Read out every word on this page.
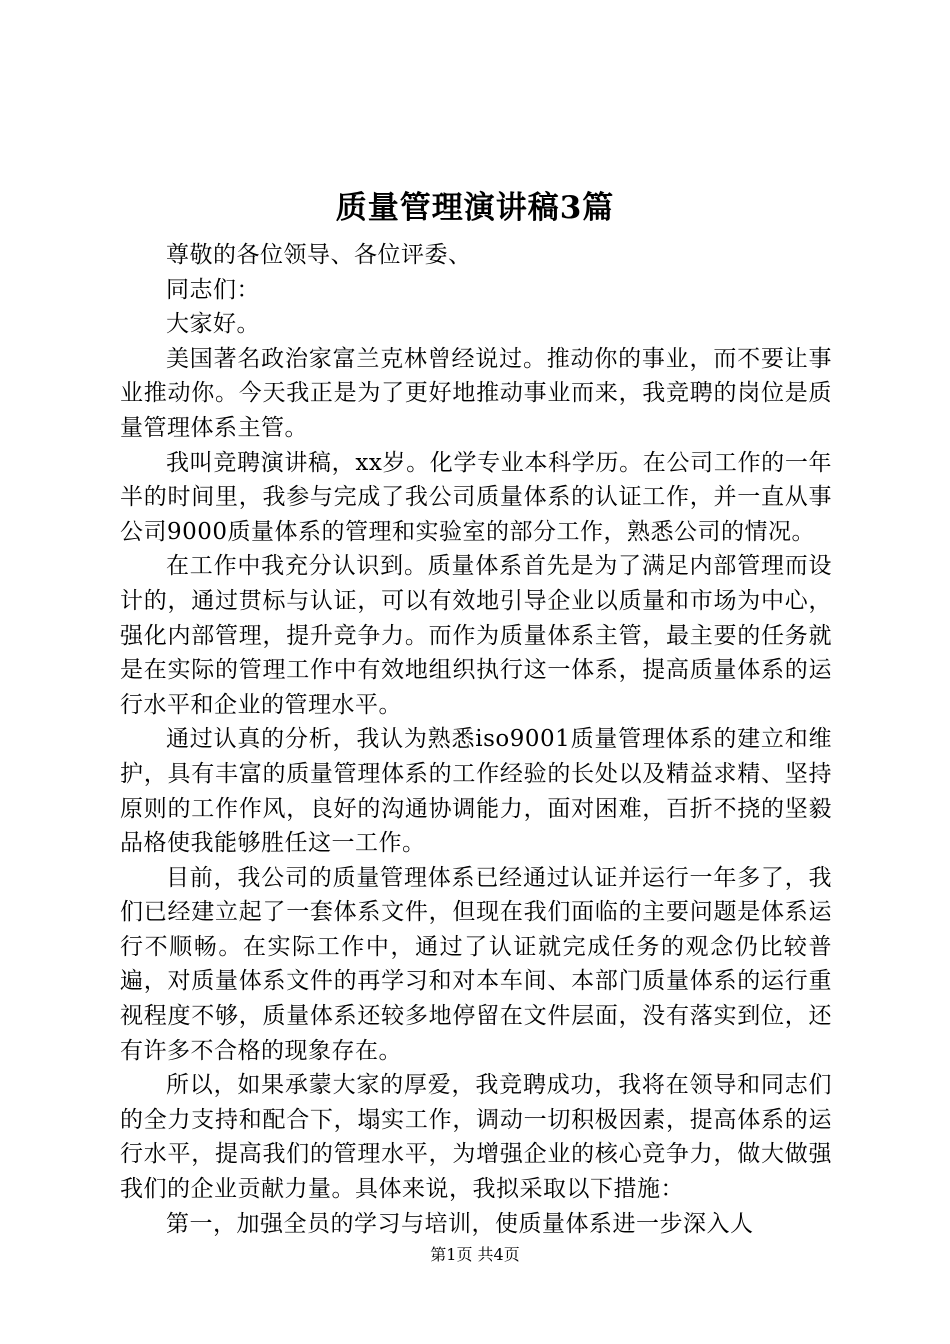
质量管理演讲稿3篇

尊敬的各位领导、各位评委、

同志们：

大家好。

美国著名政治家富兰克林曾经说过。推动你的事业，而不要让事业推动你。今天我正是为了更好地推动事业而来，我竞聘的岗位是质量管理体系主管。

我叫竞聘演讲稿，xx岁。化学专业本科学历。在公司工作的一年半的时间里，我参与完成了我公司质量体系的认证工作，并一直从事公司9000质量体系的管理和实验室的部分工作，熟悉公司的情况。

在工作中我充分认识到。质量体系首先是为了满足内部管理而设计的，通过贯标与认证，可以有效地引导企业以质量和市场为中心，强化内部管理，提升竞争力。而作为质量体系主管，最主要的任务就是在实际的管理工作中有效地组织执行这一体系，提高质量体系的运行水平和企业的管理水平。

通过认真的分析，我认为熟悉iso9001质量管理体系的建立和维护，具有丰富的质量管理体系的工作经验的长处以及精益求精、坚持原则的工作作风，良好的沟通协调能力，面对困难，百折不挠的坚毅品格使我能够胜任这一工作。

目前，我公司的质量管理体系已经通过认证并运行一年多了，我们已经建立起了一套体系文件，但现在我们面临的主要问题是体系运行不顺畅。在实际工作中，通过了认证就完成任务的观念仍比较普遍，对质量体系文件的再学习和对本车间、本部门质量体系的运行重视程度不够，质量体系还较多地停留在文件层面，没有落实到位，还有许多不合格的现象存在。

所以，如果承蒙大家的厚爱，我竞聘成功，我将在领导和同志们的全力支持和配合下，塌实工作，调动一切积极因素，提高体系的运行水平，提高我们的管理水平，为增强企业的核心竞争力，做大做强我们的企业贡献力量。具体来说，我拟采取以下措施：

第一，加强全员的学习与培训，使质量体系进一步深入人

第1页 共4页
